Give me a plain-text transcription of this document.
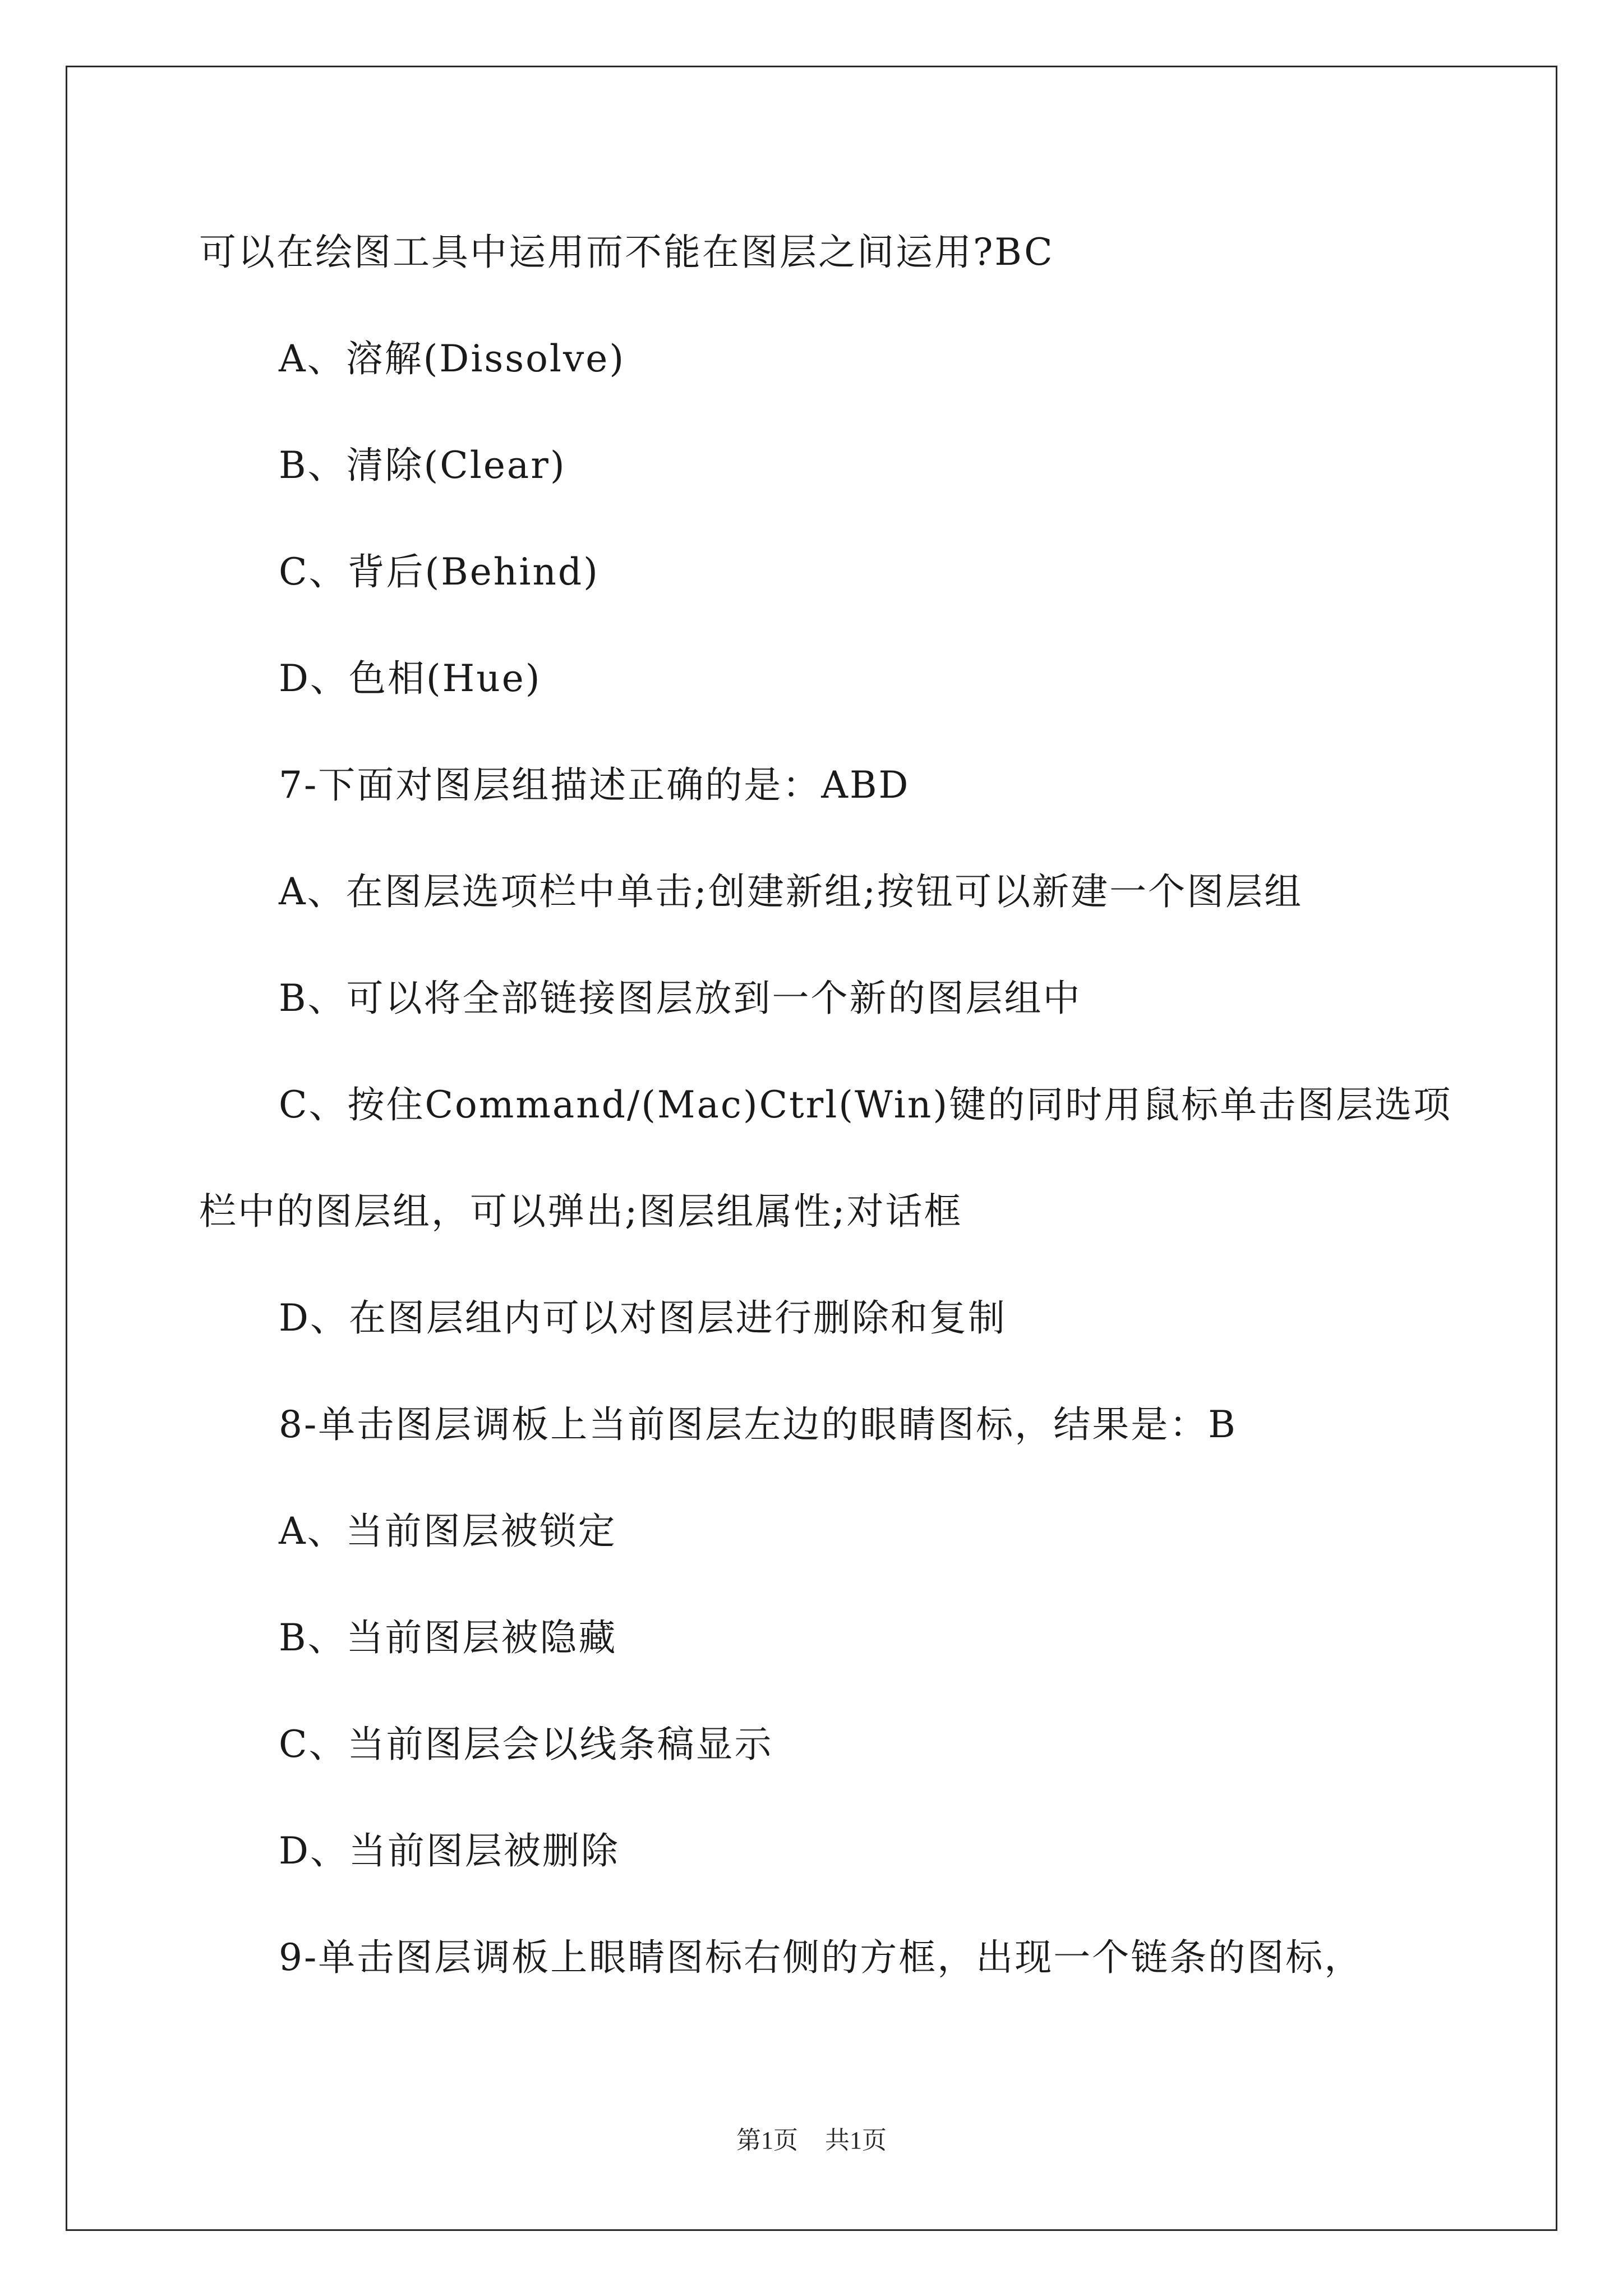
可以在绘图工具中运用而不能在图层之间运用?BC
A、溶解(Dissolve)
B、清除(Clear)
C、背后(Behind)
D、色相(Hue)
7-下面对图层组描述正确的是：ABD
A、在图层选项栏中单击;创建新组;按钮可以新建一个图层组
B、可以将全部链接图层放到一个新的图层组中
C、按住Command/(Mac)Ctrl(Win)键的同时用鼠标单击图层选项
栏中的图层组，可以弹出;图层组属性;对话框
D、在图层组内可以对图层进行删除和复制
8-单击图层调板上当前图层左边的眼睛图标，结果是：B
A、当前图层被锁定
B、当前图层被隐藏
C、当前图层会以线条稿显示
D、当前图层被删除
9-单击图层调板上眼睛图标右侧的方框，出现一个链条的图标，
第1页 共1页
